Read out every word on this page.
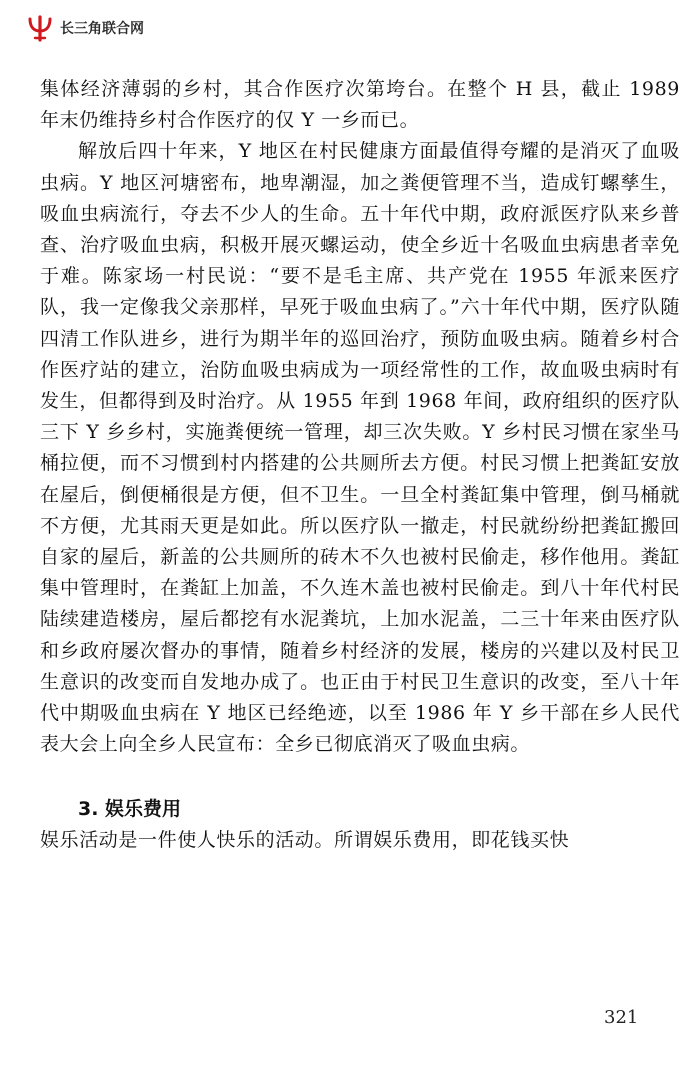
长三角联合网

集体经济薄弱的乡村，其合作医疗次第垮台。在整个 H 县，截止 1989 年末仍维持乡村合作医疗的仅 Y 一乡而已。

解放后四十年来，Y 地区在村民健康方面最值得夸耀的是消灭了血吸虫病。Y 地区河塘密布，地卑潮湿，加之粪便管理不当，造成钉螺孳生，吸血虫病流行，夺去不少人的生命。五十年代中期，政府派医疗队来乡普查、治疗吸血虫病，积极开展灭螺运动，使全乡近十名吸血虫病患者幸免于难。陈家场一村民说：“要不是毛主席、共产党在 1955 年派来医疗队，我一定像我父亲那样，早死于吸血虫病了。”六十年代中期，医疗队随四清工作队进乡，进行为期半年的巡回治疗，预防血吸虫病。随着乡村合作医疗站的建立，治防血吸虫病成为一项经常性的工作，故血吸虫病时有发生，但都得到及时治疗。从 1955 年到 1968 年间，政府组织的医疗队三下 Y 乡乡村，实施粪便统一管理，却三次失败。Y 乡村民习惯在家坐马桶拉便，而不习惯到村内搭建的公共厕所去方便。村民习惯上把粪缸安放在屋后，倒便桶很是方便，但不卫生。一旦全村粪缸集中管理，倒马桶就不方便，尤其雨天更是如此。所以医疗队一撤走，村民就纷纷把粪缸搬回自家的屋后，新盖的公共厕所的砖木不久也被村民偷走，移作他用。粪缸集中管理时，在粪缸上加盖，不久连木盖也被村民偷走。到八十年代村民陆续建造楼房，屋后都挖有水泥粪坑，上加水泥盖，二三十年来由医疗队和乡政府屡次督办的事情，随着乡村经济的发展，楼房的兴建以及村民卫生意识的改变而自发地办成了。也正由于村民卫生意识的改变，至八十年代中期吸血虫病在 Y 地区已经绝迹，以至 1986 年 Y 乡干部在乡人民代表大会上向全乡人民宣布：全乡已彻底消灭了吸血虫病。

3. 娱乐费用

娱乐活动是一件使人快乐的活动。所谓娱乐费用，即花钱买快

321
